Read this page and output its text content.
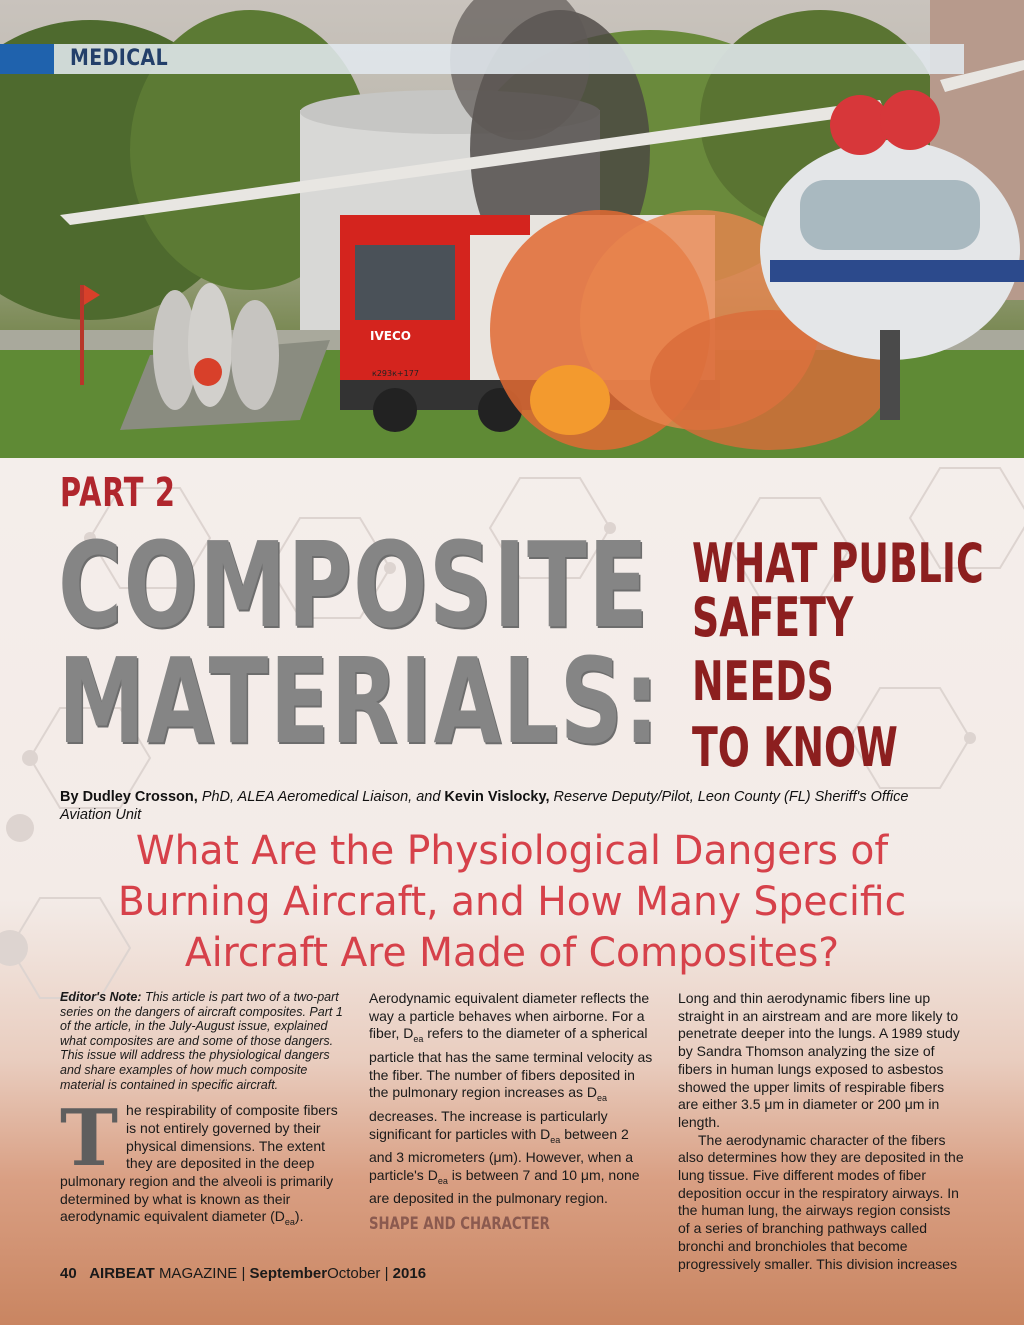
IVECO
к293к+177
MEDICAL
PART 2
COMPOSITE
MATERIALS:
WHAT PUBLIC
SAFETY
NEEDS
TO KNOW
By Dudley Crosson, PhD, ALEA Aeromedical Liaison, and Kevin Vislocky, Reserve Deputy/Pilot, Leon County (FL) Sheriff's Office Aviation Unit
What Are the Physiological Dangers of
Burning Aircraft, and How Many Specific
Aircraft Are Made of Composites?

Editor's Note: This article is part two of a two-part series on the dangers of aircraft composites. Part 1 of the article, in the July-August issue, explained what composites are and some of those dangers. This issue will address the physiological dangers and share examples of how much composite material is contained in specific aircraft.

The respirability of composite fibers is not entirely governed by their physical dimensions. The extent they are deposited in the deep pulmonary region and the alveoli is primarily determined by what is known as their aerodynamic equivalent diameter $(D_{ea})$.

Aerodynamic equivalent diameter reflects the way a particle behaves when airborne. For a fiber, $D_{ea}$ refers to the diameter of a spherical particle that has the same terminal velocity as the fiber. The number of fibers deposited in the pulmonary region increases as $D_{ea}$ decreases. The increase is particularly significant for particles with $D_{ea}$ between 2 and 3 micrometers (μm). However, when a particle's $D_{ea}$ is between 7 and 10 μm, none are deposited in the pulmonary region.

SHAPE AND CHARACTER

Long and thin aerodynamic fibers line up straight in an airstream and are more likely to penetrate deeper into the lungs. A 1989 study by Sandra Thomson analyzing the size of fibers in human lungs exposed to asbestos showed the upper limits of respirable fibers are either 3.5 μm in diameter or 200 μm in length.

The aerodynamic character of the fibers also determines how they are deposited in the lung tissue. Five different modes of fiber deposition occur in the respiratory airways. In the human lung, the airways region consists of a series of branching pathways called bronchi and bronchioles that become progressively smaller. This division increases

40 AIRBEAT MAGAZINE | SeptemberOctober | 2016
